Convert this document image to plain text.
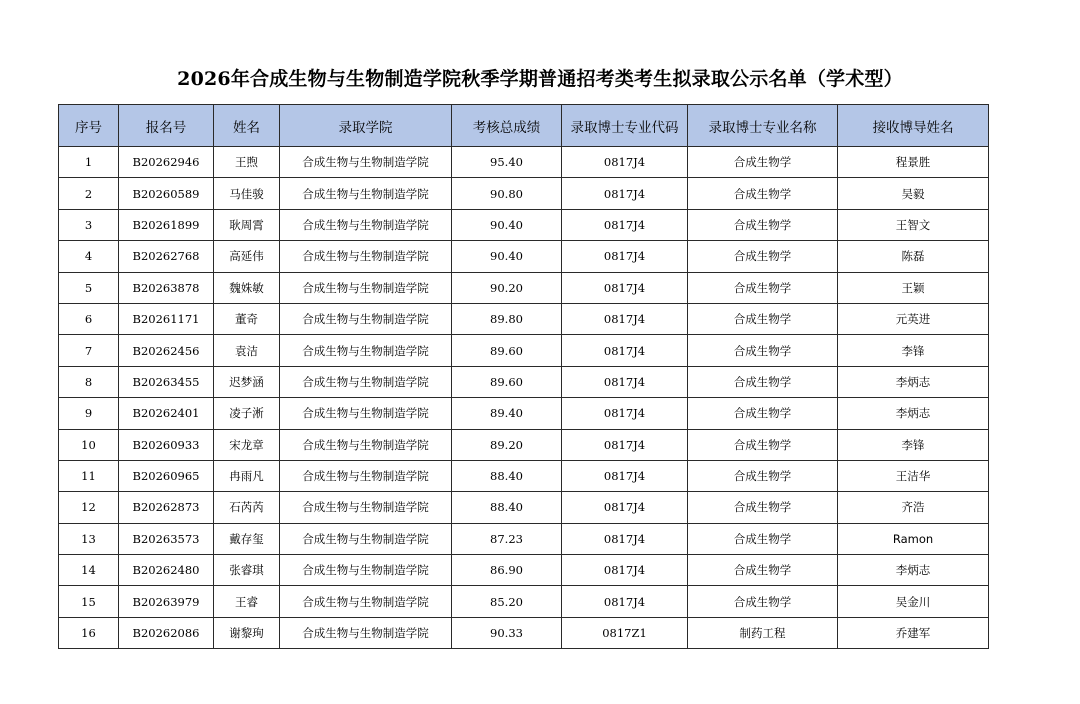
2026年合成生物与生物制造学院秋季学期普通招考类考生拟录取公示名单（学术型）
序号	报名号	姓名	录取学院	考核总成绩	录取博士专业代码	录取博士专业名称	接收博导姓名
1	B20262946	王煦	合成生物与生物制造学院	95.40	0817J4	合成生物学	程景胜
2	B20260589	马佳骏	合成生物与生物制造学院	90.80	0817J4	合成生物学	吴毅
3	B20261899	耿周霄	合成生物与生物制造学院	90.40	0817J4	合成生物学	王智文
4	B20262768	高延伟	合成生物与生物制造学院	90.40	0817J4	合成生物学	陈磊
5	B20263878	魏姝敏	合成生物与生物制造学院	90.20	0817J4	合成生物学	王颖
6	B20261171	董奇	合成生物与生物制造学院	89.80	0817J4	合成生物学	元英进
7	B20262456	袁洁	合成生物与生物制造学院	89.60	0817J4	合成生物学	李锋
8	B20263455	迟梦涵	合成生物与生物制造学院	89.60	0817J4	合成生物学	李炳志
9	B20262401	凌子淅	合成生物与生物制造学院	89.40	0817J4	合成生物学	李炳志
10	B20260933	宋龙章	合成生物与生物制造学院	89.20	0817J4	合成生物学	李锋
11	B20260965	冉雨凡	合成生物与生物制造学院	88.40	0817J4	合成生物学	王洁华
12	B20262873	石芮芮	合成生物与生物制造学院	88.40	0817J4	合成生物学	齐浩
13	B20263573	戴存玺	合成生物与生物制造学院	87.23	0817J4	合成生物学	Ramon
14	B20262480	张睿琪	合成生物与生物制造学院	86.90	0817J4	合成生物学	李炳志
15	B20263979	王睿	合成生物与生物制造学院	85.20	0817J4	合成生物学	吴金川
16	B20262086	谢黎珣	合成生物与生物制造学院	90.33	0817Z1	制药工程	乔建军
